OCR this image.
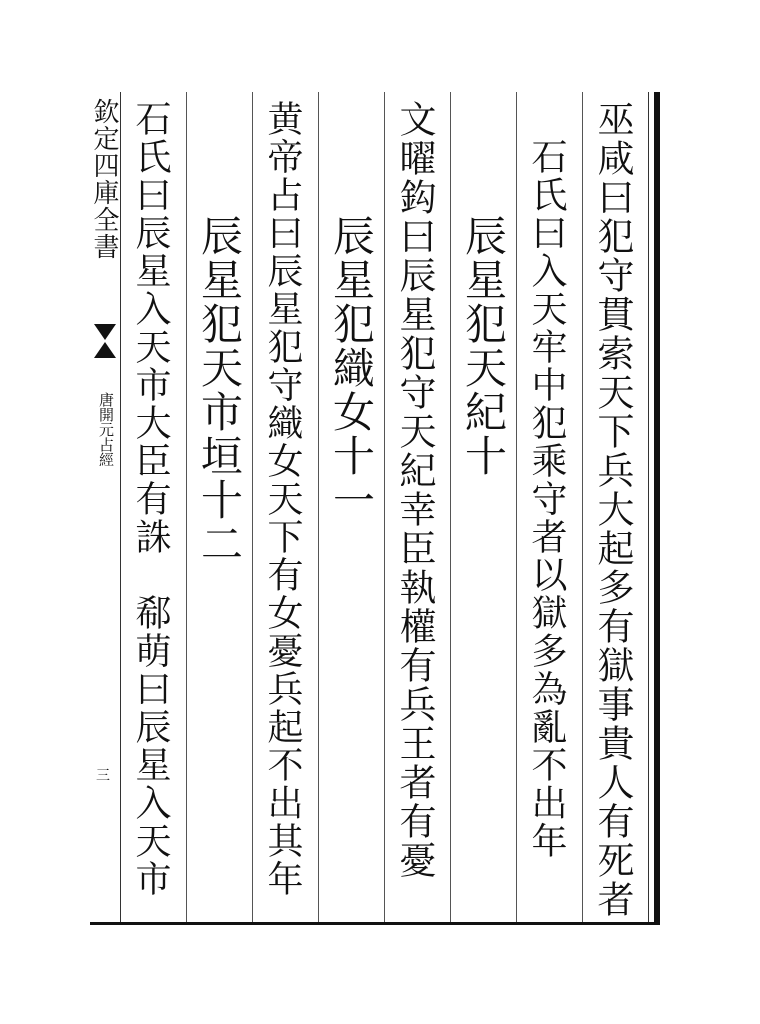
巫咸曰犯守貫索天下兵大起多有獄事貴人有死者
石氏曰入天牢中犯乘守者以獄多為亂不出年
辰星犯天紀十
文曜鈎曰辰星犯守天紀幸臣執權有兵王者有憂
辰星犯織女十一
黄帝占曰辰星犯守織女天下有女憂兵起不出其年
辰星犯天市垣十二
石氏曰辰星入天市大臣有誅　郗萌曰辰星入天市
欽定四庫全書
唐開元占經
三
